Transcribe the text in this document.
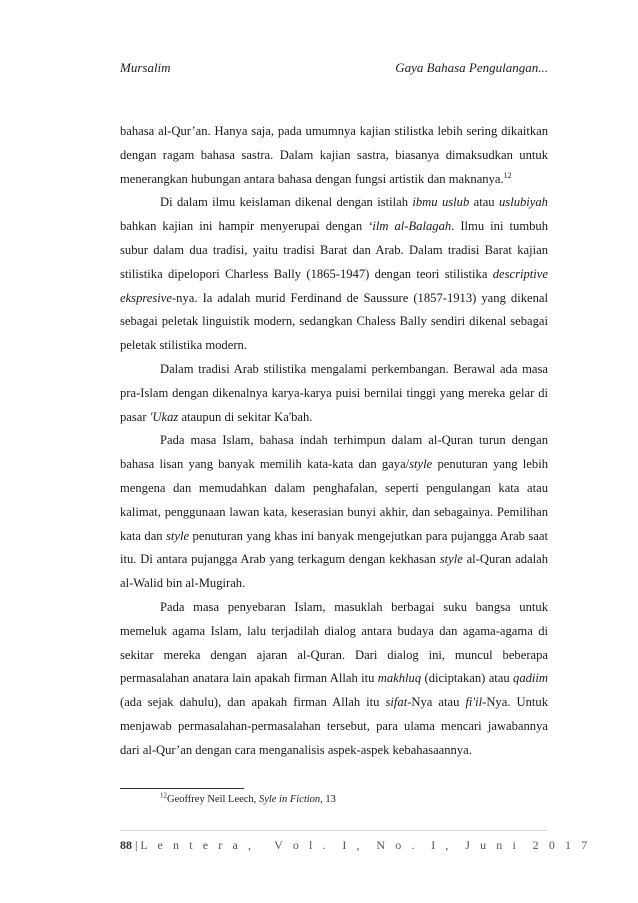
Mursalim	Gaya Bahasa Pengulangan...

bahasa al-Qur’an. Hanya saja, pada umumnya kajian stilistka lebih sering dikaitkan dengan ragam bahasa sastra. Dalam kajian sastra, biasanya dimaksudkan untuk menerangkan hubungan antara bahasa dengan fungsi artistik dan maknanya.$^{12}$

Di dalam ilmu keislaman dikenal dengan istilah ibmu uslub atau uslubiyah bahkan kajian ini hampir menyerupai dengan ‘ilm al-Balagah. Ilmu ini tumbuh subur dalam dua tradisi, yaitu tradisi Barat dan Arab. Dalam tradisi Barat kajian stilistika dipelopori Charless Bally (1865-1947) dengan teori stilistika descriptive ekspresive-nya. Ia adalah murid Ferdinand de Saussure (1857-1913) yang dikenal sebagai peletak linguistik modern, sedangkan Chaless Bally sendiri dikenal sebagai peletak stilistika modern.

Dalam tradisi Arab stilistika mengalami perkembangan. Berawal ada masa pra-Islam dengan dikenalnya karya-karya puisi bernilai tinggi yang mereka gelar di pasar 'Ukaz ataupun di sekitar Ka'bah.

Pada masa Islam, bahasa indah terhimpun dalam al-Quran turun dengan bahasa lisan yang banyak memilih kata-kata dan gaya/style penuturan yang lebih mengena dan memudahkan dalam penghafalan, seperti pengulangan kata atau kalimat, penggunaan lawan kata, keserasian bunyi akhir, dan sebagainya. Pemilihan kata dan style penuturan yang khas ini banyak mengejutkan para pujangga Arab saat itu. Di antara pujangga Arab yang terkagum dengan kekhasan style al-Quran adalah al-Walid bin al-Mugirah.

Pada masa penyebaran Islam, masuklah berbagai suku bangsa untuk memeluk agama Islam, lalu terjadilah dialog antara budaya dan agama-agama di sekitar mereka dengan ajaran al-Quran. Dari dialog ini, muncul beberapa permasalahan anatara lain apakah firman Allah itu makhluq (diciptakan) atau qadiim (ada sejak dahulu), dan apakah firman Allah itu sifat-Nya atau fi'il-Nya. Untuk menjawab permasalahan-permasalahan tersebut, para ulama mencari jawabannya dari al-Qur’an dengan cara menganalisis aspek-aspek kebahasaannya.

$^{12}$Geoffrey Neil Leech, Syle in Fiction, 13
88 | L e n t e r a ,   V o l .  I ,  N o .  I ,  J u n i  2 0 1 7
